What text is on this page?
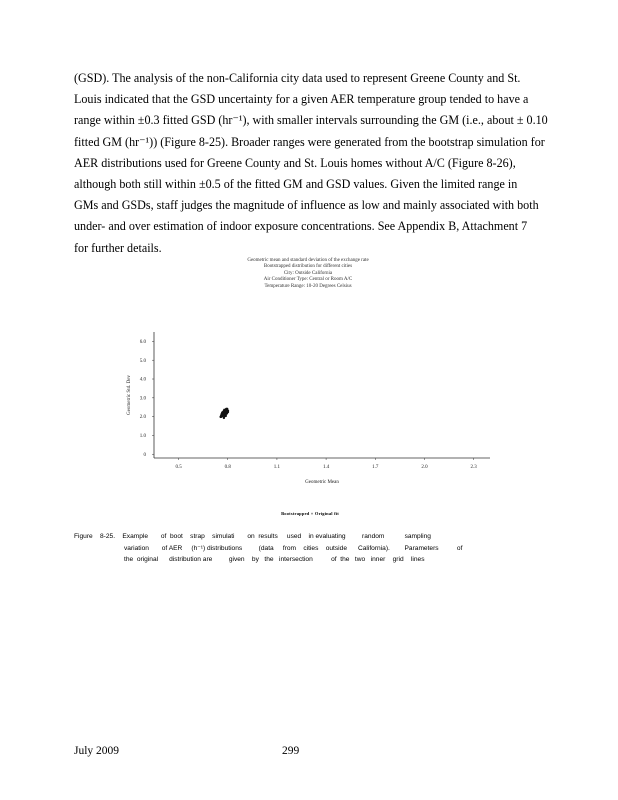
(GSD). The analysis of the non-California city data used to represent Greene County and St.
Louis indicated that the GSD uncertainty for a given AER temperature group tended to have a
range within ±0.3 fitted GSD (hr⁻¹), with smaller intervals surrounding the GM (i.e., about ± 0.10
fitted GM (hr⁻¹)) (Figure 8-25). Broader ranges were generated from the bootstrap simulation for
AER distributions used for Greene County and St. Louis homes without A/C (Figure 8-26),
although both still within ±0.5 of the fitted GM and GSD values. Given the limited range in
GMs and GSDs, staff judges the magnitude of influence as low and mainly associated with both
under- and over estimation of indoor exposure concentrations. See Appendix B, Attachment 7
for further details.
Geometric mean and standard deviation of the exchange rate
Bootstrapped distribution for different cities
City: Outside California
Air Conditioner Type: Central or Room A/C
Temperature Range: 10-20 Degrees Celsius
0.5	0.8	1.1	1.4	1.7	2.0	2.3
6.0
5.0
4.0
3.0
2.0
1.0
0
Geometric Mean
Geometric Std. Dev
Bootstrapped × Original fit
Figure    8-25.    Example       of  boot    strap    simulati       on  results     used    in evaluating         random           sampling
variation       of AER     (h⁻¹) distributions         (data     from    cities    outside      California).        Parameters          of
the  original      distribution are         given    by   the   intersection          of  the   two   inner    grid    lines
July 2009	299
